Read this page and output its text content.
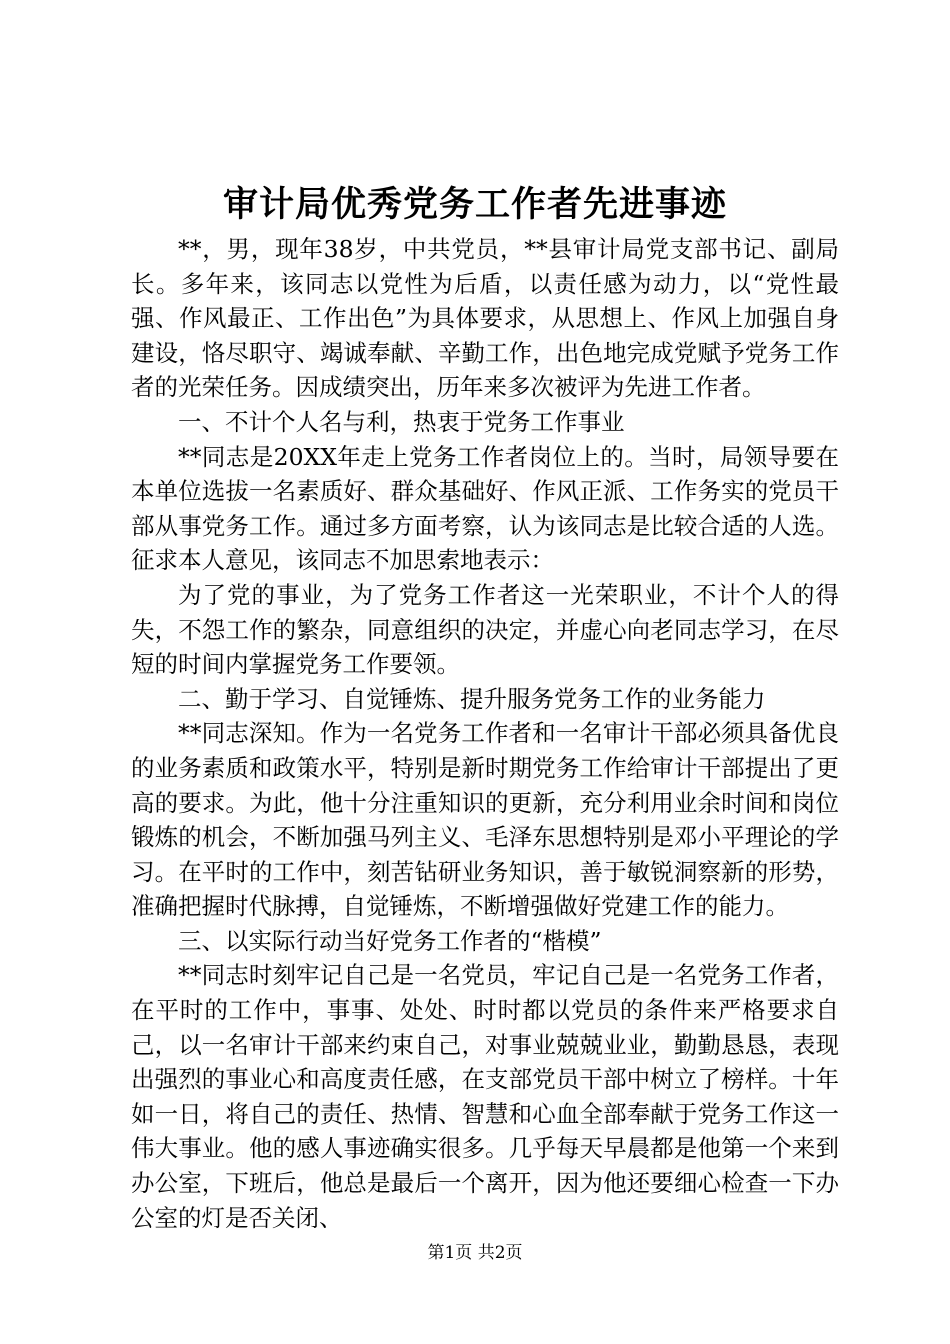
审计局优秀党务工作者先进事迹

**，男，现年38岁，中共党员，**县审计局党支部书记、副局长。多年来，该同志以党性为后盾，以责任感为动力，以“党性最强、作风最正、工作出色”为具体要求，从思想上、作风上加强自身建设，恪尽职守、竭诚奉献、辛勤工作，出色地完成党赋予党务工作者的光荣任务。因成绩突出，历年来多次被评为先进工作者。

一、不计个人名与利，热衷于党务工作事业

**同志是20XX年走上党务工作者岗位上的。当时，局领导要在本单位选拔一名素质好、群众基础好、作风正派、工作务实的党员干部从事党务工作。通过多方面考察，认为该同志是比较合适的人选。征求本人意见，该同志不加思索地表示：

为了党的事业，为了党务工作者这一光荣职业，不计个人的得失，不怨工作的繁杂，同意组织的决定，并虚心向老同志学习，在尽短的时间内掌握党务工作要领。

二、勤于学习、自觉锤炼、提升服务党务工作的业务能力

**同志深知。作为一名党务工作者和一名审计干部必须具备优良的业务素质和政策水平，特别是新时期党务工作给审计干部提出了更高的要求。为此，他十分注重知识的更新，充分利用业余时间和岗位锻炼的机会，不断加强马列主义、毛泽东思想特别是邓小平理论的学习。在平时的工作中，刻苦钻研业务知识，善于敏锐洞察新的形势，准确把握时代脉搏，自觉锤炼，不断增强做好党建工作的能力。

三、以实际行动当好党务工作者的“楷模”

**同志时刻牢记自己是一名党员，牢记自己是一名党务工作者，在平时的工作中，事事、处处、时时都以党员的条件来严格要求自己，以一名审计干部来约束自己，对事业兢兢业业，勤勤恳恳，表现出强烈的事业心和高度责任感，在支部党员干部中树立了榜样。十年如一日，将自己的责任、热情、智慧和心血全部奉献于党务工作这一伟大事业。他的感人事迹确实很多。几乎每天早晨都是他第一个来到办公室，下班后，他总是最后一个离开，因为他还要细心检查一下办公室的灯是否关闭、

第1页 共2页
